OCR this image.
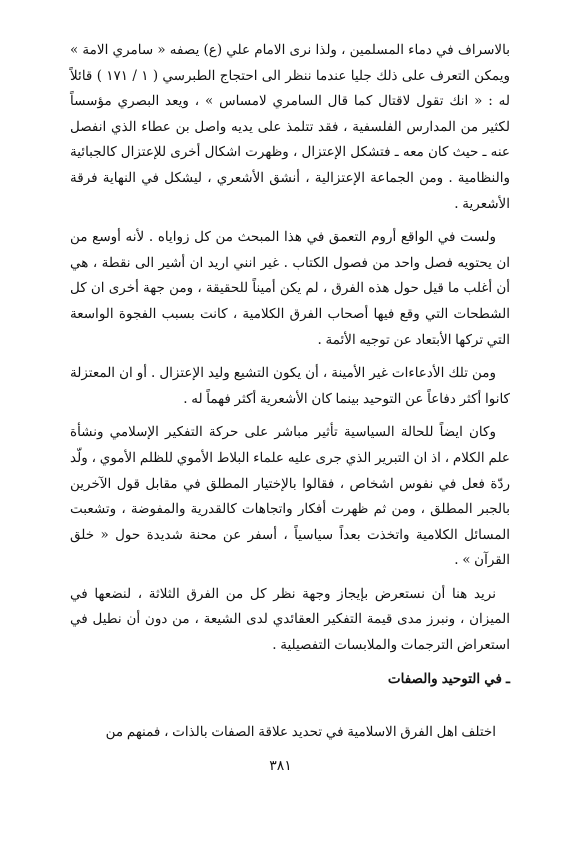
بالاسراف في دماء المسلمين ، ولذا نرى الامام علي (ع) يصفه « سامري الامة » ويمكن التعرف على ذلك جليا عندما ننظر الى احتجاج الطبرسي ( ١ / ١٧١ ) قائلاً له : « انك تقول لاقتال كما قال السامري لامساس » ، ويعد البصري مؤسساً لكثير من المدارس الفلسفية ، فقد تتلمذ على يديه واصل بن عطاء الذي انفصل عنه ـ حيث كان معه ـ فتشكل الإعتزال ، وظهرت اشكال أخرى للإعتزال كالجبائية والنظامية . ومن الجماعة الإعتزالية ، أنشق الأشعري ، ليشكل في النهاية فرقة الأشعرية .

ولست في الواقع أروم التعمق في هذا المبحث من كل زواياه . لأنه أوسع من ان يحتويه فصل واحد من فصول الكتاب . غير انني اريد ان أشير الى نقطة ، هي أن أغلب ما قيل حول هذه الفرق ، لم يكن أميناً للحقيقة ، ومن جهة أخرى ان كل الشطحات التي وقع فيها أصحاب الفرق الكلامية ، كانت بسبب الفجوة الواسعة التي تركها الأبتعاد عن توجيه الأئمة .

ومن تلك الأدعاءات غير الأمينة ، أن يكون التشيع وليد الإعتزال . أو ان المعتزلة كانوا أكثر دفاعاً عن التوحيد بينما كان الأشعرية أكثر فهماً له .

وكان ايضاً للحالة السياسية تأثير مباشر على حركة التفكير الإسلامي ونشأة علم الكلام ، اذ ان التبرير الذي جرى عليه علماء البلاط الأموي للظلم الأموي ، ولّد ردّة فعل في نفوس اشخاص ، فقالوا بالإختيار المطلق في مقابل قول الآخرين بالجبر المطلق ، ومن ثم ظهرت أفكار واتجاهات كالقدرية والمفوضة ، وتشعبت المسائل الكلامية واتخذت بعداً سياسياً ، أسفر عن محنة شديدة حول « خلق القرآن » .

نريد هنا أن نستعرض بإيجاز وجهة نظر كل من الفرق الثلاثة ، لنضعها في الميزان ، ونبرز مدى قيمة التفكير العقائدي لدى الشيعة ، من دون أن نطيل في استعراض الترجمات والملابسات التفصيلية .

ـ في التوحيد والصفات

اختلف اهل الفرق الاسلامية في تحديد علاقة الصفات بالذات ، فمنهم من

٣٨١
